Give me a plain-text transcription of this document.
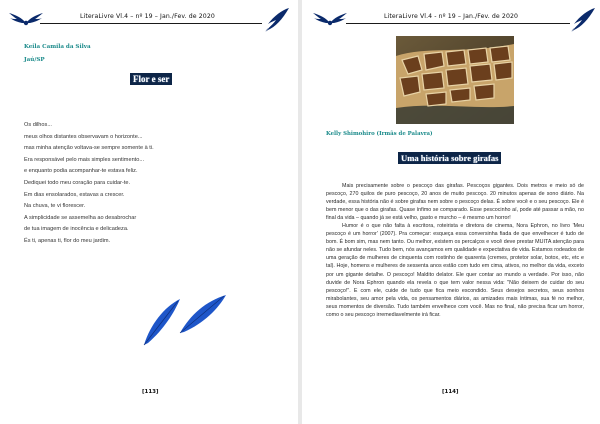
LiteraLivre Vl.4 – nº 19 – Jan./Fev. de 2020
Keila Camila da Silva
Jaú/SP
Flor e ser
Os dilhos...
meus olhos distantes observavam o horizonte...
mas minha atenção voltava-se sempre somente à ti.
Era responsável pelo mais simples sentimento...
e enquanto podia acompanhar-te estava feliz.
Dediquei todo meu coração para cuidar-te.
Em dias ensolarados, estavas a crescer.
Na chuva, te vi florescer.
A simplicidade se assemelha ao desabrochar
de tua imagem de inocência e delicadeza.
És ti, apenas ti, flor do meu jardim.
[113]
LiteraLivre Vl.4 - nº 19 – Jan./Fev. de 2020
Kelly Shimohiro (Irmãs de Palavra)
Uma história sobre girafas

Mais precisamente sobre o pescoço das girafas. Pescoços gigantes. Dois metros e meio só de pescoço, 270 quilos de puro pescoço, 20 anos de muito pescoço. 20 minutos apenas de sono diário. Na verdade, essa história não é sobre girafas nem sobre o pescoço delas. É sobre você e o seu pescoço. Ele é bem menor que o das girafas. Quase ínfimo se comparado. Esse pescocinho aí, pode até passar a mão, no final da vida – quando já se está velho, gasto e murcho – é mesmo um horror!

Humor é o que não falta à escritora, roteirista e diretora de cinema, Nora Ephron, no livro 'Meu pescoço é um horror' (2007). Pra começar: esqueça essa conversinha fiada de que envelhecer é tudo de bom. É bom sim, mas nem tanto. Ou melhor, existem os percalços e você deve prestar MUITA atenção para não se afundar neles. Tudo bem, nós avançamos em qualidade e expectativa de vida. Estamos rodeados de uma geração de mulheres de cinquenta com rostinho de quarenta (cremes, protetor solar, botox, etc, etc e tal). Hoje, homens e mulheres de sessenta anos estão com tudo em cima, ativos, no melhor da vida, exceto por um gigante detalhe. O pescoço! Maldito delator. Ele quer contar ao mundo a verdade. Por isso, não duvide de Nora Ephron quando ela revela o que tem valor nessa vida: "Não deixem de cuidar do seu pescoço!". E com ele, cuide de tudo que fica meio escondido. Seus desejos secretos, seus sonhos mirabolantes, seu amor pela vida, os pensamentos diários, as amizades mais íntimas, sua fé no melhor, seus momentos de diversão. Tudo também envelhece com você. Mas no final, não precisa ficar um horror, como o seu pescoço irremediavelmente irá ficar.

[114]
